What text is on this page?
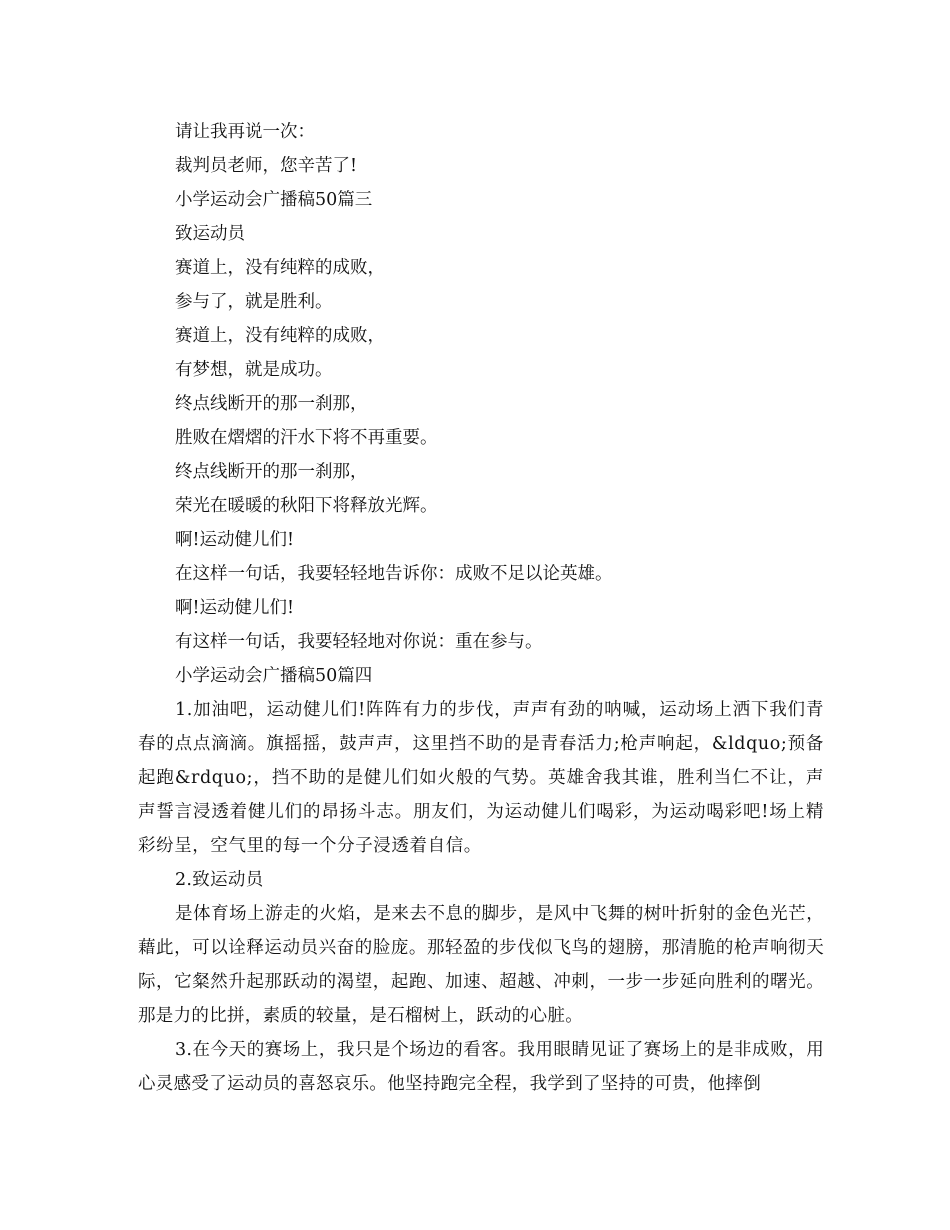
请让我再说一次：

裁判员老师，您辛苦了!

小学运动会广播稿50篇三

致运动员

赛道上，没有纯粹的成败，

参与了，就是胜利。

赛道上，没有纯粹的成败，

有梦想，就是成功。

终点线断开的那一刹那，

胜败在熠熠的汗水下将不再重要。

终点线断开的那一刹那，

荣光在暖暖的秋阳下将释放光辉。

啊!运动健儿们!

在这样一句话，我要轻轻地告诉你：成败不足以论英雄。

啊!运动健儿们!

有这样一句话，我要轻轻地对你说：重在参与。

小学运动会广播稿50篇四

1.加油吧，运动健儿们!阵阵有力的步伐，声声有劲的呐喊，运动场上洒下我们青春的点点滴滴。旗摇摇，鼓声声，这里挡不助的是青春活力;枪声响起，&ldquo;预备起跑&rdquo;，挡不助的是健儿们如火般的气势。英雄舍我其谁，胜利当仁不让，声声誓言浸透着健儿们的昂扬斗志。朋友们，为运动健儿们喝彩，为运动喝彩吧!场上精彩纷呈，空气里的每一个分子浸透着自信。

2.致运动员

是体育场上游走的火焰，是来去不息的脚步，是风中飞舞的树叶折射的金色光芒，藉此，可以诠释运动员兴奋的脸庞。那轻盈的步伐似飞鸟的翅膀，那清脆的枪声响彻天际，它粲然升起那跃动的渴望，起跑、加速、超越、冲刺，一步一步延向胜利的曙光。那是力的比拼，素质的较量，是石榴树上，跃动的心脏。

3.在今天的赛场上，我只是个场边的看客。我用眼睛见证了赛场上的是非成败，用心灵感受了运动员的喜怒哀乐。他坚持跑完全程，我学到了坚持的可贵，他摔倒
